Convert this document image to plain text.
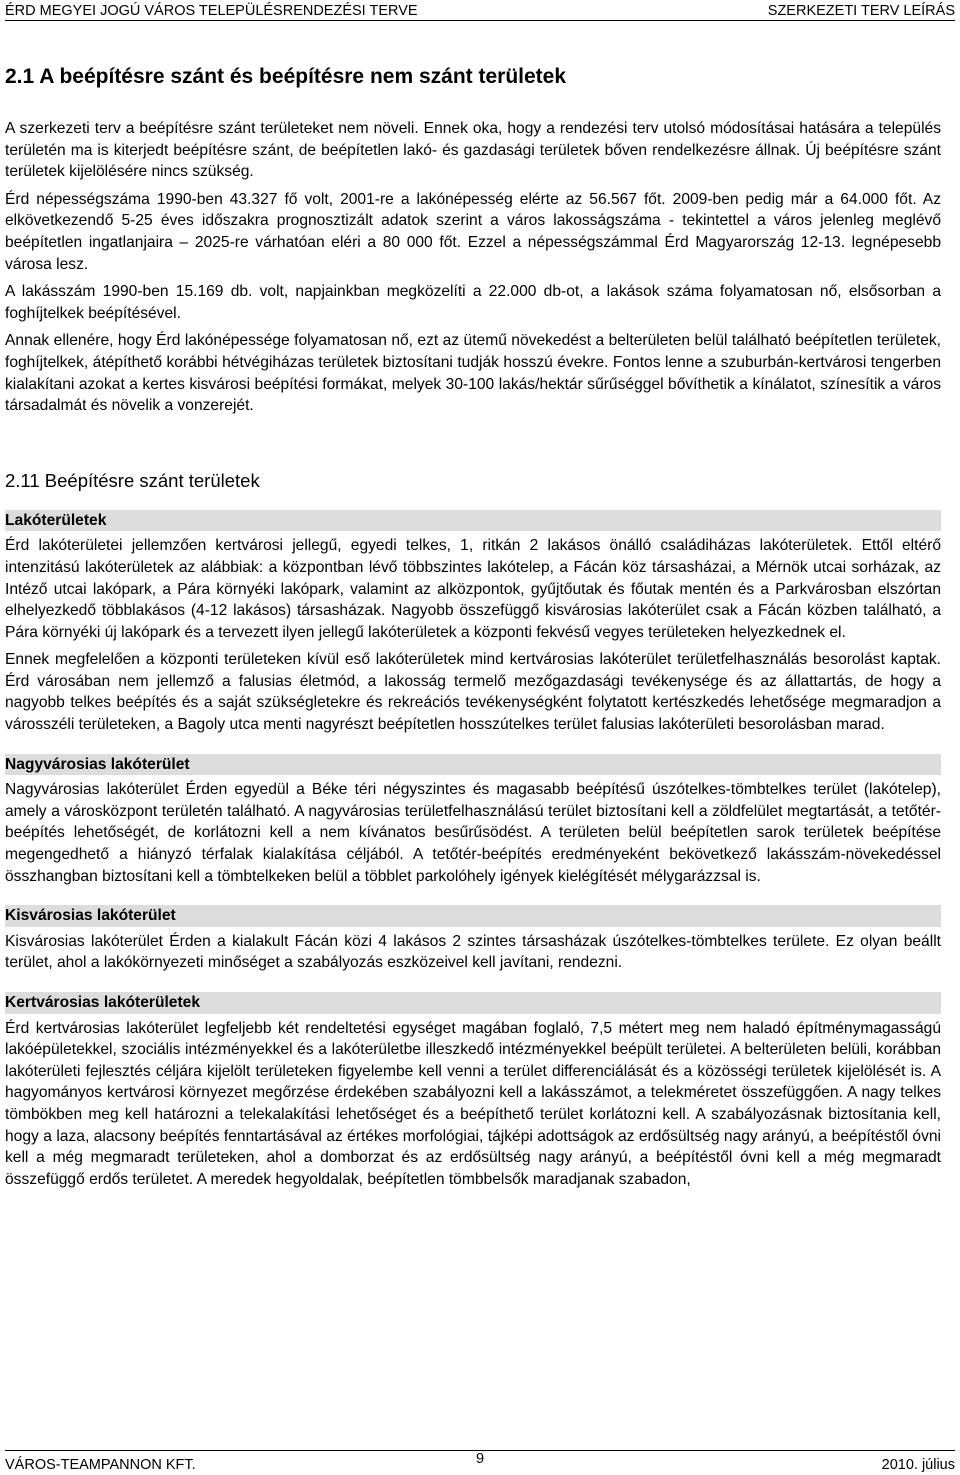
ÉRD MEGYEI JOGÚ VÁROS TELEPÜLÉSRENDEZÉSI TERVE	SZERKEZETI TERV LEÍRÁS
2.1 A beépítésre szánt és beépítésre nem szánt területek

A szerkezeti terv a beépítésre szánt területeket nem növeli. Ennek oka, hogy a rendezési terv utolsó módosításai hatására a település területén ma is kiterjedt beépítésre szánt, de beépítetlen lakó- és gazdasági területek bőven rendelkezésre állnak. Új beépítésre szánt területek kijelölésére nincs szükség.

Érd népességszáma 1990-ben 43.327 fő volt, 2001-re a lakónépesség elérte az 56.567 főt. 2009-ben pedig már a 64.000 főt. Az elkövetkezendő 5-25 éves időszakra prognosztizált adatok szerint a város lakosságszáma - tekintettel a város jelenleg meglévő beépítetlen ingatlanjaira – 2025-re várhatóan eléri a 80 000 főt. Ezzel a népességszámmal Érd Magyarország 12-13. legnépesebb városa lesz.

A lakásszám 1990-ben 15.169 db. volt, napjainkban megközelíti a 22.000 db-ot, a lakások száma folyamatosan nő, elsősorban a foghíjtelkek beépítésével.

Annak ellenére, hogy Érd lakónépessége folyamatosan nő, ezt az ütemű növekedést a belterületen belül található beépítetlen területek, foghíjtelkek, átépíthető korábbi hétvégiházas területek biztosítani tudják hosszú évekre. Fontos lenne a szuburbán-kertvárosi tengerben kialakítani azokat a kertes kisvárosi beépítési formákat, melyek 30-100 lakás/hektár sűrűséggel bővíthetik a kínálatot, színesítik a város társadalmát és növelik a vonzerejét.

2.11 Beépítésre szánt területek
Lakóterületek

Érd lakóterületei jellemzően kertvárosi jellegű, egyedi telkes, 1, ritkán 2 lakásos önálló családiházas lakóterületek. Ettől eltérő intenzitású lakóterületek az alábbiak: a központban lévő többszintes lakótelep, a Fácán köz társasházai, a Mérnök utcai sorházak, az Intéző utcai lakópark, a Pára környéki lakópark, valamint az alközpontok, gyűjtőutak és főutak mentén és a Parkvárosban elszórtan elhelyezkedő többlakásos (4-12 lakásos) társasházak. Nagyobb összefüggő kisvárosias lakóterület csak a Fácán közben található, a Pára környéki új lakópark és a tervezett ilyen jellegű lakóterületek a központi fekvésű vegyes területeken helyezkednek el.

Ennek megfelelően a központi területeken kívül eső lakóterületek mind kertvárosias lakóterület területfelhasználás besorolást kaptak. Érd városában nem jellemző a falusias életmód, a lakosság termelő mezőgazdasági tevékenysége és az állattartás, de hogy a nagyobb telkes beépítés és a saját szükségletekre és rekreációs tevékenységként folytatott kertészkedés lehetősége megmaradjon a városszéli területeken, a Bagoly utca menti nagyrészt beépítetlen hosszútelkes terület falusias lakóterületi besorolásban marad.

Nagyvárosias lakóterület

Nagyvárosias lakóterület Érden egyedül a Béke téri négyszintes és magasabb beépítésű úszótelkes-tömbtelkes terület (lakótelep), amely a városközpont területén található. A nagyvárosias területfelhasználású terület biztosítani kell a zöldfelület megtartását, a tetőtér-beépítés lehetőségét, de korlátozni kell a nem kívánatos besűrűsödést. A területen belül beépítetlen sarok területek beépítése megengedhető a hiányzó térfalak kialakítása céljából. A tetőtér-beépítés eredményeként bekövetkező lakásszám-növekedéssel összhangban biztosítani kell a tömbtelkeken belül a többlet parkolóhely igények kielégítését mélygarázzsal is.

Kisvárosias lakóterület

Kisvárosias lakóterület Érden a kialakult Fácán közi 4 lakásos 2 szintes társasházak úszótelkes-tömbtelkes területe. Ez olyan beállt terület, ahol a lakókörnyezeti minőséget a szabályozás eszközeivel kell javítani, rendezni.

Kertvárosias lakóterületek

Érd kertvárosias lakóterület legfeljebb két rendeltetési egységet magában foglaló, 7,5 métert meg nem haladó építménymagasságú lakóépületekkel, szociális intézményekkel és a lakóterületbe illeszkedő intézményekkel beépült területei. A belterületen belüli, korábban lakóterületi fejlesztés céljára kijelölt területeken figyelembe kell venni a terület differenciálását és a közösségi területek kijelölését is. A hagyományos kertvárosi környezet megőrzése érdekében szabályozni kell a lakásszámot, a telekméretet összefüggően. A nagy telkes tömbökben meg kell határozni a telekalakítási lehetőséget és a beépíthető terület korlátozni kell. A szabályozásnak biztosítania kell, hogy a laza, alacsony beépítés fenntartásával az értékes morfológiai, tájképi adottságok az erdősültség nagy arányú, a beépítéstől óvni kell a még megmaradt területeken, ahol a domborzat és az erdősültség nagy arányú, a beépítéstől óvni kell a még megmaradt összefüggő erdős területet. A meredek hegyoldalak, beépítetlen tömbbelsők maradjanak szabadon,

VÁROS-TEAMPANNON KFT.	9	2010. július
